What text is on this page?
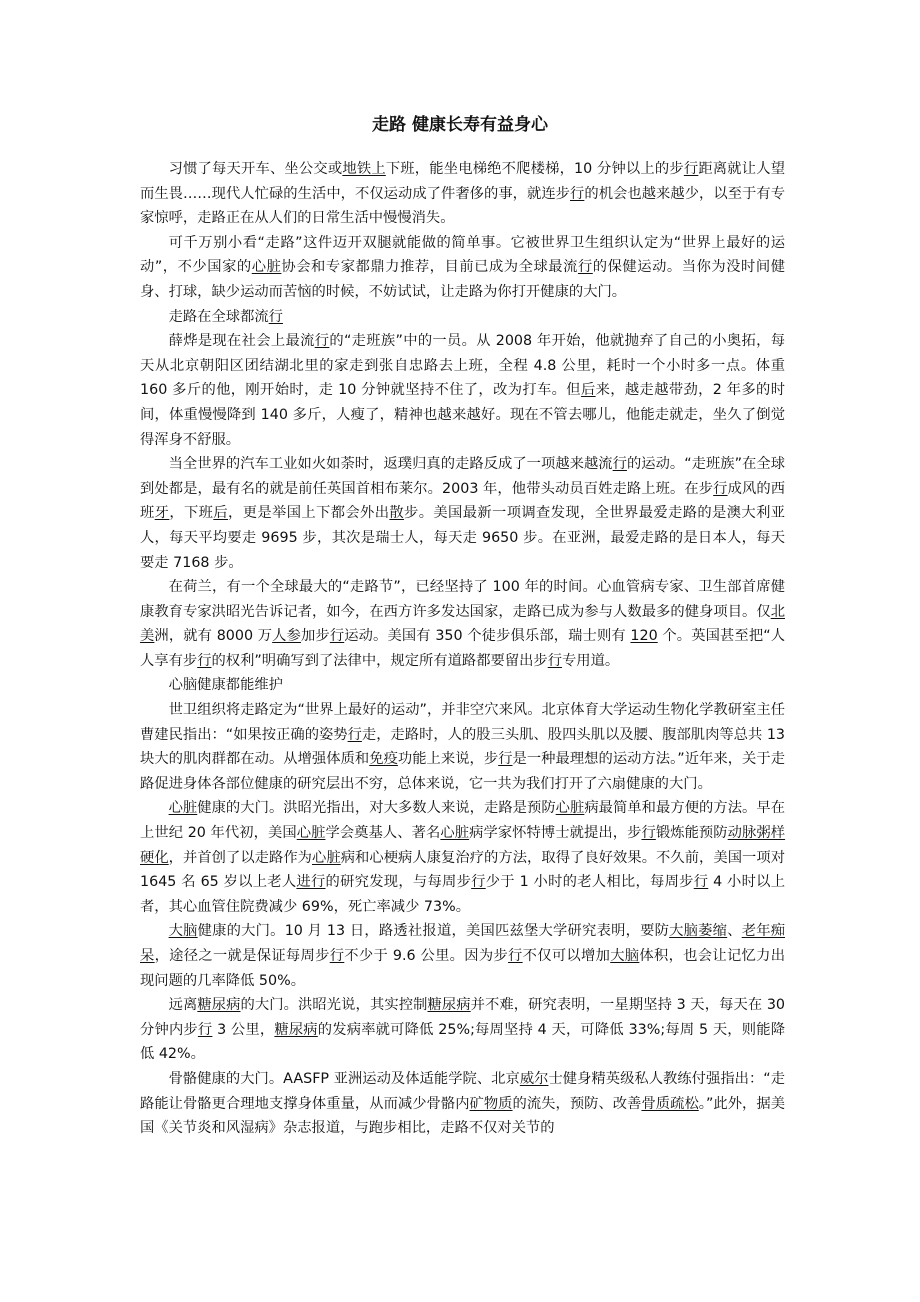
走路 健康长寿有益身心

习惯了每天开车、坐公交或地铁上下班，能坐电梯绝不爬楼梯，10 分钟以上的步行距离就让人望而生畏……现代人忙碌的生活中，不仅运动成了件奢侈的事，就连步行的机会也越来越少，以至于有专家惊呼，走路正在从人们的日常生活中慢慢消失。

可千万别小看“走路”这件迈开双腿就能做的简单事。它被世界卫生组织认定为“世界上最好的运动”，不少国家的心脏协会和专家都鼎力推荐，目前已成为全球最流行的保健运动。当你为没时间健身、打球，缺少运动而苦恼的时候，不妨试试，让走路为你打开健康的大门。

走路在全球都流行

薛烨是现在社会上最流行的“走班族”中的一员。从 2008 年开始，他就抛弃了自己的小奥拓，每天从北京朝阳区团结湖北里的家走到张自忠路去上班，全程 4.8 公里，耗时一个小时多一点。体重 160 多斤的他，刚开始时，走 10 分钟就坚持不住了，改为打车。但后来，越走越带劲，2 年多的时间，体重慢慢降到 140 多斤，人瘦了，精神也越来越好。现在不管去哪儿，他能走就走，坐久了倒觉得浑身不舒服。

当全世界的汽车工业如火如荼时，返璞归真的走路反成了一项越来越流行的运动。“走班族”在全球到处都是，最有名的就是前任英国首相布莱尔。2003 年，他带头动员百姓走路上班。在步行成风的西班牙，下班后，更是举国上下都会外出散步。美国最新一项调查发现，全世界最爱走路的是澳大利亚人，每天平均要走 9695 步，其次是瑞士人，每天走 9650 步。在亚洲，最爱走路的是日本人，每天要走 7168 步。

在荷兰，有一个全球最大的“走路节”，已经坚持了 100 年的时间。心血管病专家、卫生部首席健康教育专家洪昭光告诉记者，如今，在西方许多发达国家，走路已成为参与人数最多的健身项目。仅北美洲，就有 8000 万人参加步行运动。美国有 350 个徒步俱乐部，瑞士则有 120 个。英国甚至把“人人享有步行的权利”明确写到了法律中，规定所有道路都要留出步行专用道。

心脑健康都能维护

世卫组织将走路定为“世界上最好的运动”，并非空穴来风。北京体育大学运动生物化学教研室主任曹建民指出：“如果按正确的姿势行走，走路时，人的股三头肌、股四头肌以及腰、腹部肌肉等总共 13 块大的肌肉群都在动。从增强体质和免疫功能上来说，步行是一种最理想的运动方法。”近年来，关于走路促进身体各部位健康的研究层出不穷，总体来说，它一共为我们打开了六扇健康的大门。

心脏健康的大门。洪昭光指出，对大多数人来说，走路是预防心脏病最简单和最方便的方法。早在上世纪 20 年代初，美国心脏学会奠基人、著名心脏病学家怀特博士就提出，步行锻炼能预防动脉粥样硬化，并首创了以走路作为心脏病和心梗病人康复治疗的方法，取得了良好效果。不久前，美国一项对 1645 名 65 岁以上老人进行的研究发现，与每周步行少于 1 小时的老人相比，每周步行 4 小时以上者，其心血管住院费减少 69%，死亡率减少 73%。

大脑健康的大门。10 月 13 日，路透社报道，美国匹兹堡大学研究表明，要防大脑萎缩、老年痴呆，途径之一就是保证每周步行不少于 9.6 公里。因为步行不仅可以增加大脑体积，也会让记忆力出现问题的几率降低 50%。

远离糖尿病的大门。洪昭光说，其实控制糖尿病并不难，研究表明，一星期坚持 3 天，每天在 30 分钟内步行 3 公里，糖尿病的发病率就可降低 25%;每周坚持 4 天，可降低 33%;每周 5 天，则能降低 42%。

骨骼健康的大门。AASFP 亚洲运动及体适能学院、北京威尔士健身精英级私人教练付强指出：“走路能让骨骼更合理地支撑身体重量，从而减少骨骼内矿物质的流失，预防、改善骨质疏松。”此外，据美国《关节炎和风湿病》杂志报道，与跑步相比，走路不仅对关节的
